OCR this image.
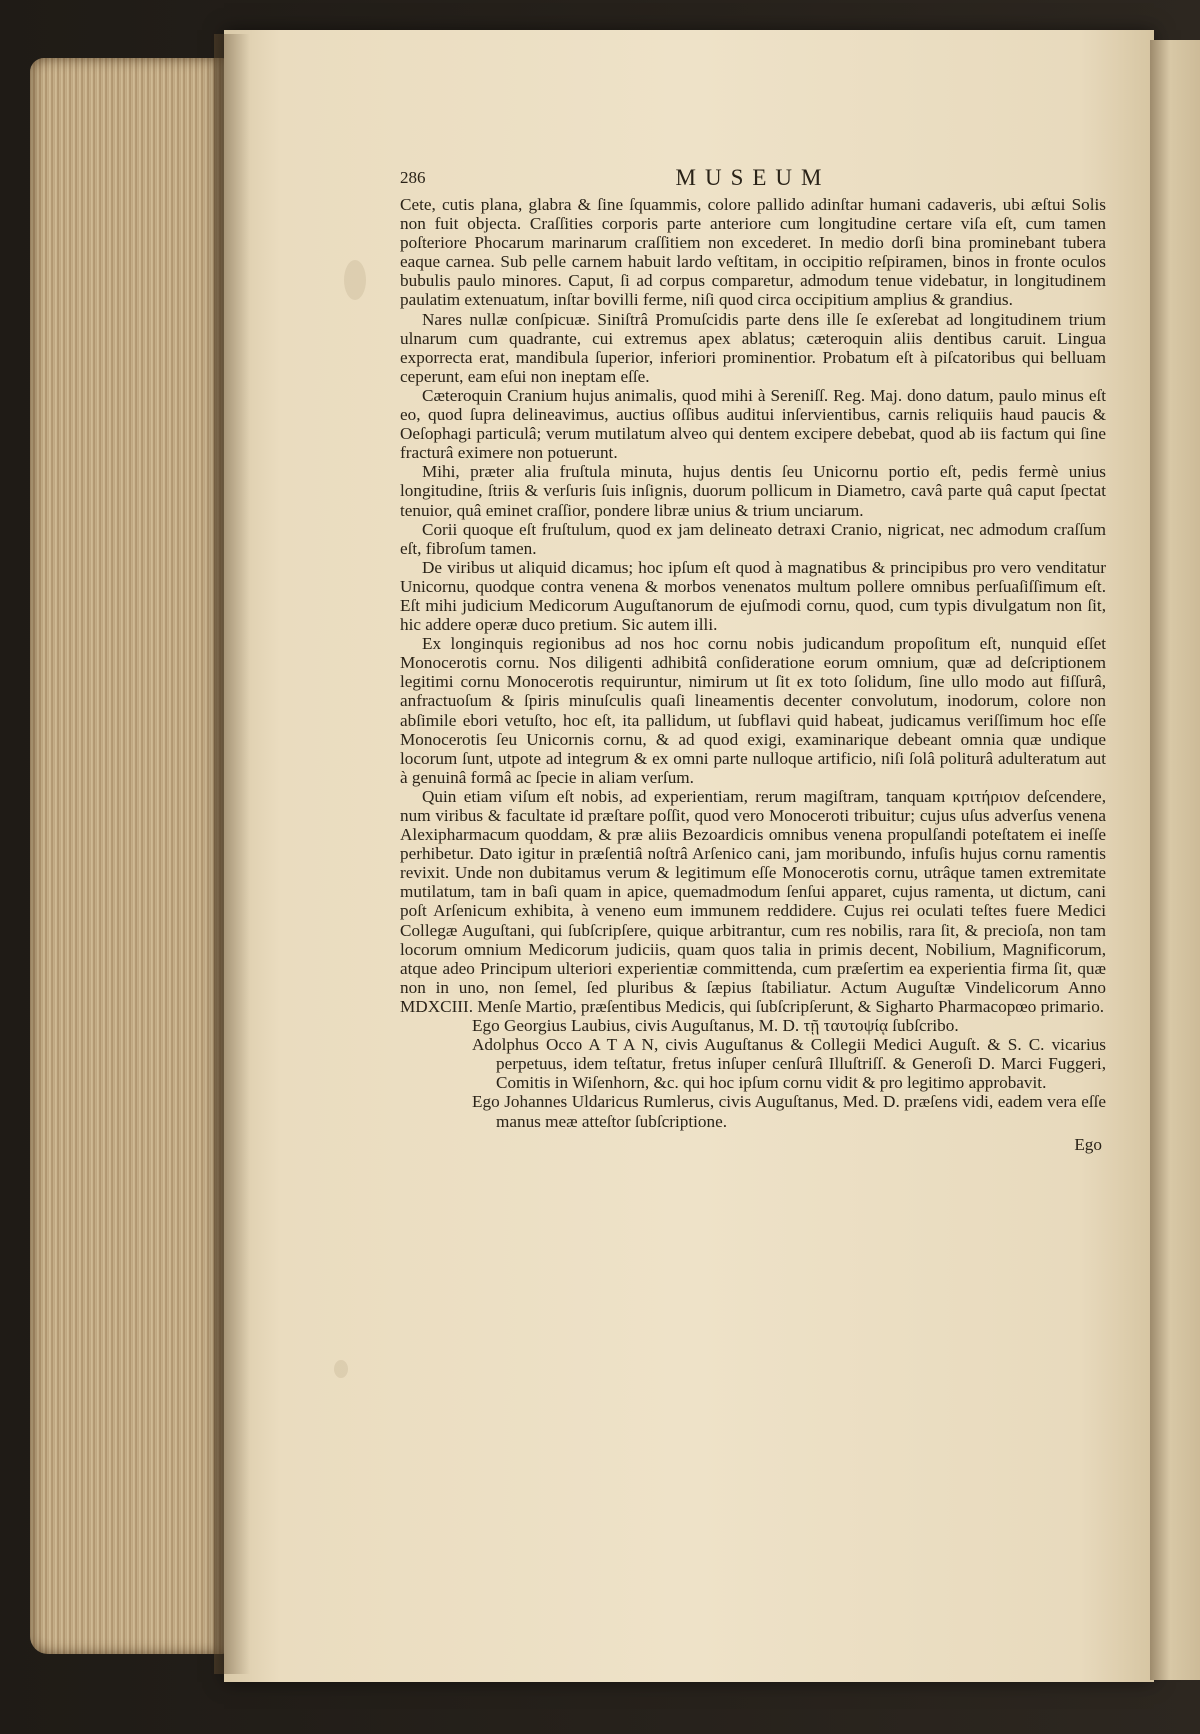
286	MUSEUM

Cete, cutis plana, glabra & ſine ſquammis, colore pallido adinſtar humani cadaveris, ubi æſtui Solis non fuit objecta. Craſſities corporis parte anteriore cum longitudine certare viſa eſt, cum tamen poſteriore Phocarum marinarum craſſitiem non excederet. In medio dorſi bina prominebant tubera eaque carnea. Sub pelle carnem habuit lardo veſtitam, in occipitio reſpiramen, binos in fronte oculos bubulis paulo minores. Caput, ſi ad corpus comparetur, admodum tenue videbatur, in longitudinem paulatim extenuatum, inſtar bovilli ferme, niſi quod circa occipitium amplius & grandius.

Nares nullæ conſpicuæ. Siniſtrâ Promuſcidis parte dens ille ſe exſerebat ad longitudinem trium ulnarum cum quadrante, cui extremus apex ablatus; cæteroquin aliis dentibus caruit. Lingua exporrecta erat, mandibula ſuperior, inferiori prominentior. Probatum eſt à piſcatoribus qui belluam ceperunt, eam eſui non ineptam eſſe.

Cæteroquin Cranium hujus animalis, quod mihi à Sereniſſ. Reg. Maj. dono datum, paulo minus eſt eo, quod ſupra delineavimus, auctius oſſibus auditui inſervientibus, carnis reliquiis haud paucis & Oeſophagi particulâ; verum mutilatum alveo qui dentem excipere debebat, quod ab iis factum qui ſine fracturâ eximere non potuerunt.

Mihi, præter alia fruſtula minuta, hujus dentis ſeu Unicornu portio eſt, pedis fermè unius longitudine, ſtriis & verſuris ſuis inſignis, duorum pollicum in Diametro, cavâ parte quâ caput ſpectat tenuior, quâ eminet craſſior, pondere libræ unius & trium unciarum.

Corii quoque eſt fruſtulum, quod ex jam delineato detraxi Cranio, nigricat, nec admodum craſſum eſt, fibroſum tamen.

De viribus ut aliquid dicamus; hoc ipſum eſt quod à magnatibus & principibus pro vero venditatur Unicornu, quodque contra venena & morbos venenatos multum pollere omnibus perſuaſiſſimum eſt. Eſt mihi judicium Medicorum Auguſtanorum de ejuſmodi cornu, quod, cum typis divulgatum non ſit, hic addere operæ duco pretium. Sic autem illi.

Ex longinquis regionibus ad nos hoc cornu nobis judicandum propoſitum eſt, nunquid eſſet Monocerotis cornu. Nos diligenti adhibitâ conſideratione eorum omnium, quæ ad deſcriptionem legitimi cornu Monocerotis requiruntur, nimirum ut ſit ex toto ſolidum, ſine ullo modo aut fiſſurâ, anfractuoſum & ſpiris minuſculis quaſi lineamentis decenter convolutum, inodorum, colore non abſimile ebori vetuſto, hoc eſt, ita pallidum, ut ſubflavi quid habeat, judicamus veriſſimum hoc eſſe Monocerotis ſeu Unicornis cornu, & ad quod exigi, examinarique debeant omnia quæ undique locorum ſunt, utpote ad integrum & ex omni parte nulloque artificio, niſi ſolâ politurâ adulteratum aut à genuinâ formâ ac ſpecie in aliam verſum.

Quin etiam viſum eſt nobis, ad experientiam, rerum magiſtram, tanquam κριτήριον deſcendere, num viribus & facultate id præſtare poſſit, quod vero Monoceroti tribuitur; cujus uſus adverſus venena Alexipharmacum quoddam, & præ aliis Bezoardicis omnibus venena propulſandi poteſtatem ei ineſſe perhibetur. Dato igitur in præſentiâ noſtrâ Arſenico cani, jam moribundo, infuſis hujus cornu ramentis revixit. Unde non dubitamus verum & legitimum eſſe Monocerotis cornu, utrâque tamen extremitate mutilatum, tam in baſi quam in apice, quemadmodum ſenſui apparet, cujus ramenta, ut dictum, cani poſt Arſenicum exhibita, à veneno eum immunem reddidere. Cujus rei oculati teſtes fuere Medici Collegæ Auguſtani, qui ſubſcripſere, quique arbitrantur, cum res nobilis, rara ſit, & precioſa, non tam locorum omnium Medicorum judiciis, quam quos talia in primis decent, Nobilium, Magnificorum, atque adeo Principum ulteriori experientiæ committenda, cum præſertim ea experientia firma ſit, quæ non in uno, non ſemel, ſed pluribus & ſæpius ſtabiliatur. Actum Auguſtæ Vindelicorum Anno MDXCIII. Menſe Martio, præſentibus Medicis, qui ſubſcripſerunt, & Sigharto Pharmacopœo primario.

Ego Georgius Laubius, civis Auguſtanus, M. D. τῇ ταυτοψίᾳ ſubſcribo.

Adolphus Occo A T A N, civis Auguſtanus & Collegii Medici Auguſt. & S. C. vicarius perpetuus, idem teſtatur, fretus inſuper cenſurâ Illuſtriſſ. & Generoſi D. Marci Fuggeri, Comitis in Wiſenhorn, &c. qui hoc ipſum cornu vidit & pro legitimo approbavit.

Ego Johannes Uldaricus Rumlerus, civis Auguſtanus, Med. D. præſens vidi, eadem vera eſſe manus meæ atteſtor ſubſcriptione.

Ego
